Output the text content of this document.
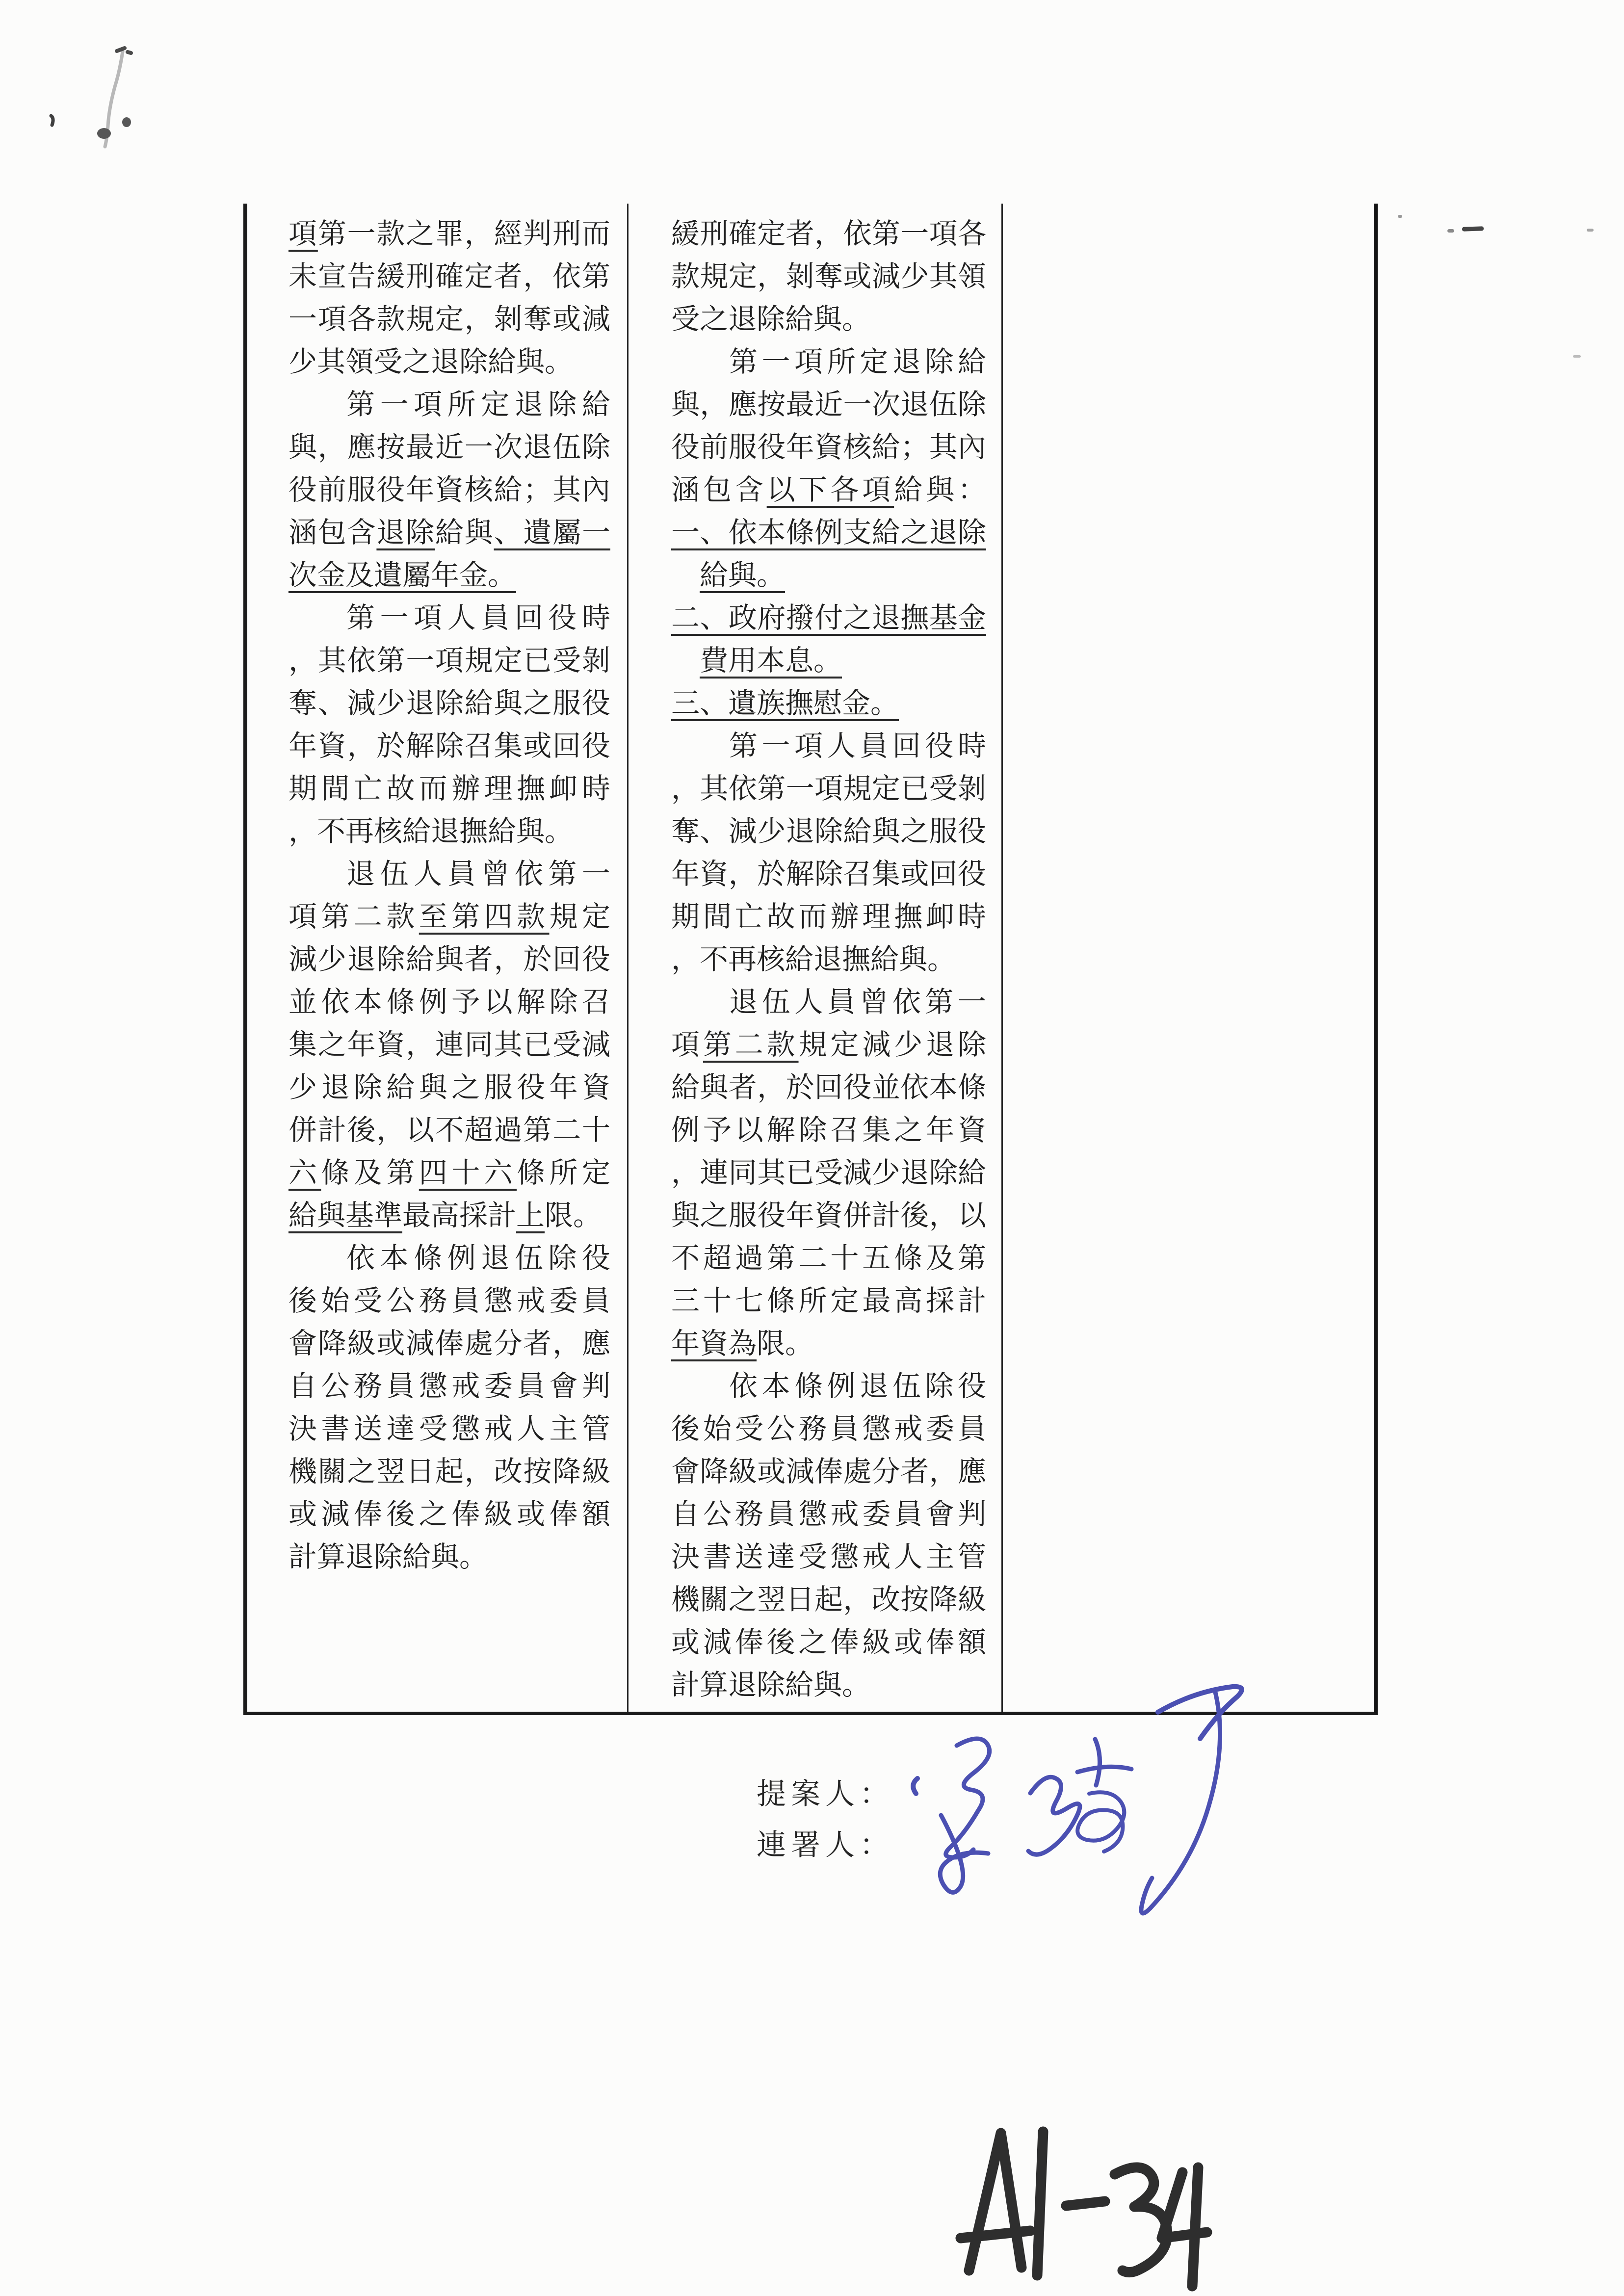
項第一款之罪，經判刑而
未宣告緩刑確定者，依第
一項各款規定，剝奪或減
少其領受之退除給與。
第一項所定退除給
與，應按最近一次退伍除
役前服役年資核給；其內
涵包含退除給與、遺屬一
次金及遺屬年金。
第一項人員回役時
，其依第一項規定已受剝
奪、減少退除給與之服役
年資，於解除召集或回役
期間亡故而辦理撫卹時
，不再核給退撫給與。
退伍人員曾依第一
項第二款至第四款規定
減少退除給與者，於回役
並依本條例予以解除召
集之年資，連同其已受減
少退除給與之服役年資
併計後，以不超過第二十
六條及第四十六條所定
給與基準最高採計上限。
依本條例退伍除役
後始受公務員懲戒委員
會降級或減俸處分者，應
自公務員懲戒委員會判
決書送達受懲戒人主管
機關之翌日起，改按降級
或減俸後之俸級或俸額
計算退除給與。
緩刑確定者，依第一項各
款規定，剝奪或減少其領
受之退除給與。
第一項所定退除給
與，應按最近一次退伍除
役前服役年資核給；其內
涵包含以下各項給與：
一、依本條例支給之退除
給與。
二、政府撥付之退撫基金
費用本息。
三、遺族撫慰金。
第一項人員回役時
，其依第一項規定已受剝
奪、減少退除給與之服役
年資，於解除召集或回役
期間亡故而辦理撫卹時
，不再核給退撫給與。
退伍人員曾依第一
項第二款規定減少退除
給與者，於回役並依本條
例予以解除召集之年資
，連同其已受減少退除給
與之服役年資併計後，以
不超過第二十五條及第
三十七條所定最高採計
年資為限。
依本條例退伍除役
後始受公務員懲戒委員
會降級或減俸處分者，應
自公務員懲戒委員會判
決書送達受懲戒人主管
機關之翌日起，改按降級
或減俸後之俸級或俸額
計算退除給與。
提案人：
連署人：
